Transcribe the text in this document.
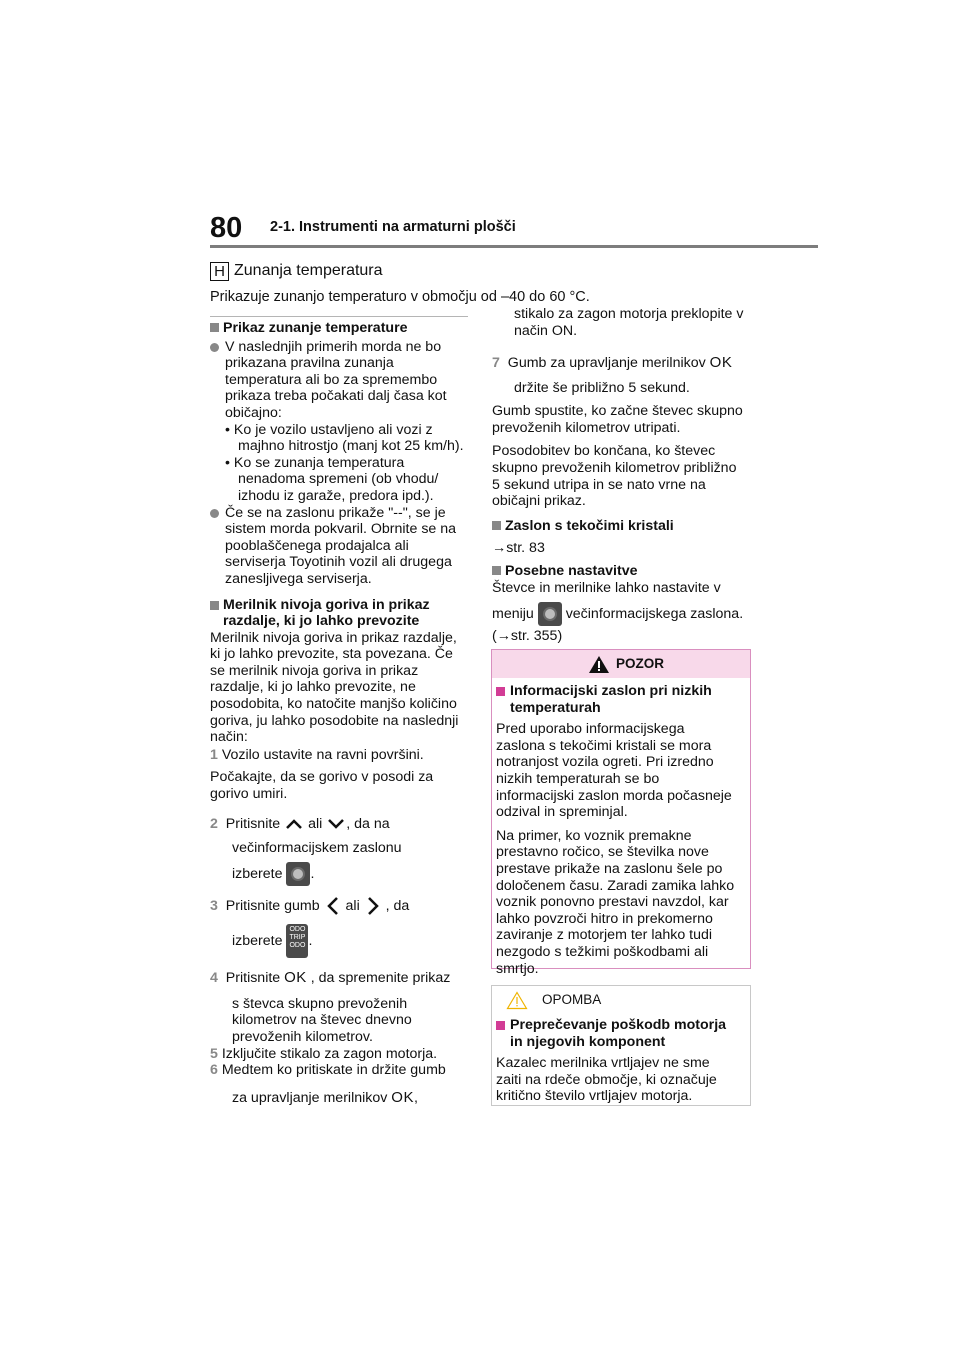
80 2-1. Instrumenti na armaturni plošči
H Zunanja temperatura
Prikazuje zunanjo temperaturo v območju od –40 do 60 °C.

Prikaz zunanje temperature

V naslednjih primerih morda ne bo
prikazana pravilna zunanja
temperatura ali bo za spremembo
prikaza treba počakati dalj časa kot
običajno:
• Ko je vozilo ustavljeno ali vozi z
majhno hitrostjo (manj kot 25 km/h).
• Ko se zunanja temperatura
nenadoma spremeni (ob vhodu/
izhodu iz garaže, predora ipd.).
Če se na zaslonu prikaže "--", se je
sistem morda pokvaril. Obrnite se na
pooblaščenega prodajalca ali
serviserja Toyotinih vozil ali drugega
zanesljivega serviserja.
Merilnik nivoja goriva in prikaz
razdalje, ki jo lahko prevozite
Merilnik nivoja goriva in prikaz razdalje,
ki jo lahko prevozite, sta povezana. Če
se merilnik nivoja goriva in prikaz
razdalje, ki jo lahko prevozite, ne
posodobita, ko natočite manjšo količino
goriva, ju lahko posodobite na naslednji
način:

1 Vozilo ustavite na ravni površini.

Počakajte, da se gorivo v posodi za
gorivo umiri.
2 Pritisnite ali , da na
večinformacijskem zaslonu
izberete .
3 Pritisnite gumb ali , da
izberete
ODO
TRIP
ODO .
4 Pritisnite OK , da spremenite prikaz
s števca skupno prevoženih
kilometrov na števec dnevno
prevoženih kilometrov.

5 Izključite stikalo za zagon motorja.

6 Medtem ko pritiskate in držite gumb

za upravljanje merilnikov OK,
stikalo za zagon motorja preklopite v
način ON.
7 Gumb za upravljanje merilnikov OK
držite še približno 5 sekund.
Gumb spustite, ko začne števec skupno
prevoženih kilometrov utripati.
Posodobitev bo končana, ko števec
skupno prevoženih kilometrov približno
5 sekund utripa in se nato vrne na
običajni prikaz.

Zaslon s tekočimi kristali

→str. 83

Posebne nastavitve

Števce in merilnike lahko nastavite v

meniju večinformacijskega zaslona.

(→str. 355)

POZOR
Informacijski zaslon pri nizkih
temperaturah
Pred uporabo informacijskega
zaslona s tekočimi kristali se mora
notranjost vozila ogreti. Pri izredno
nizkih temperaturah se bo
informacijski zaslon morda počasneje
odzival in spreminjal.
Na primer, ko voznik premakne
prestavno ročico, se številka nove
prestave prikaže na zaslonu šele po
določenem času. Zaradi zamika lahko
voznik ponovno prestavi navzdol, kar
lahko povzroči hitro in prekomerno
zaviranje z motorjem ter lahko tudi
nezgodo s težkimi poškodbami ali
smrtjo.
OPOMBA
Preprečevanje poškodb motorja
in njegovih komponent
Kazalec merilnika vrtljajev ne sme
zaiti na rdeče območje, ki označuje
kritično število vrtljajev motorja.
